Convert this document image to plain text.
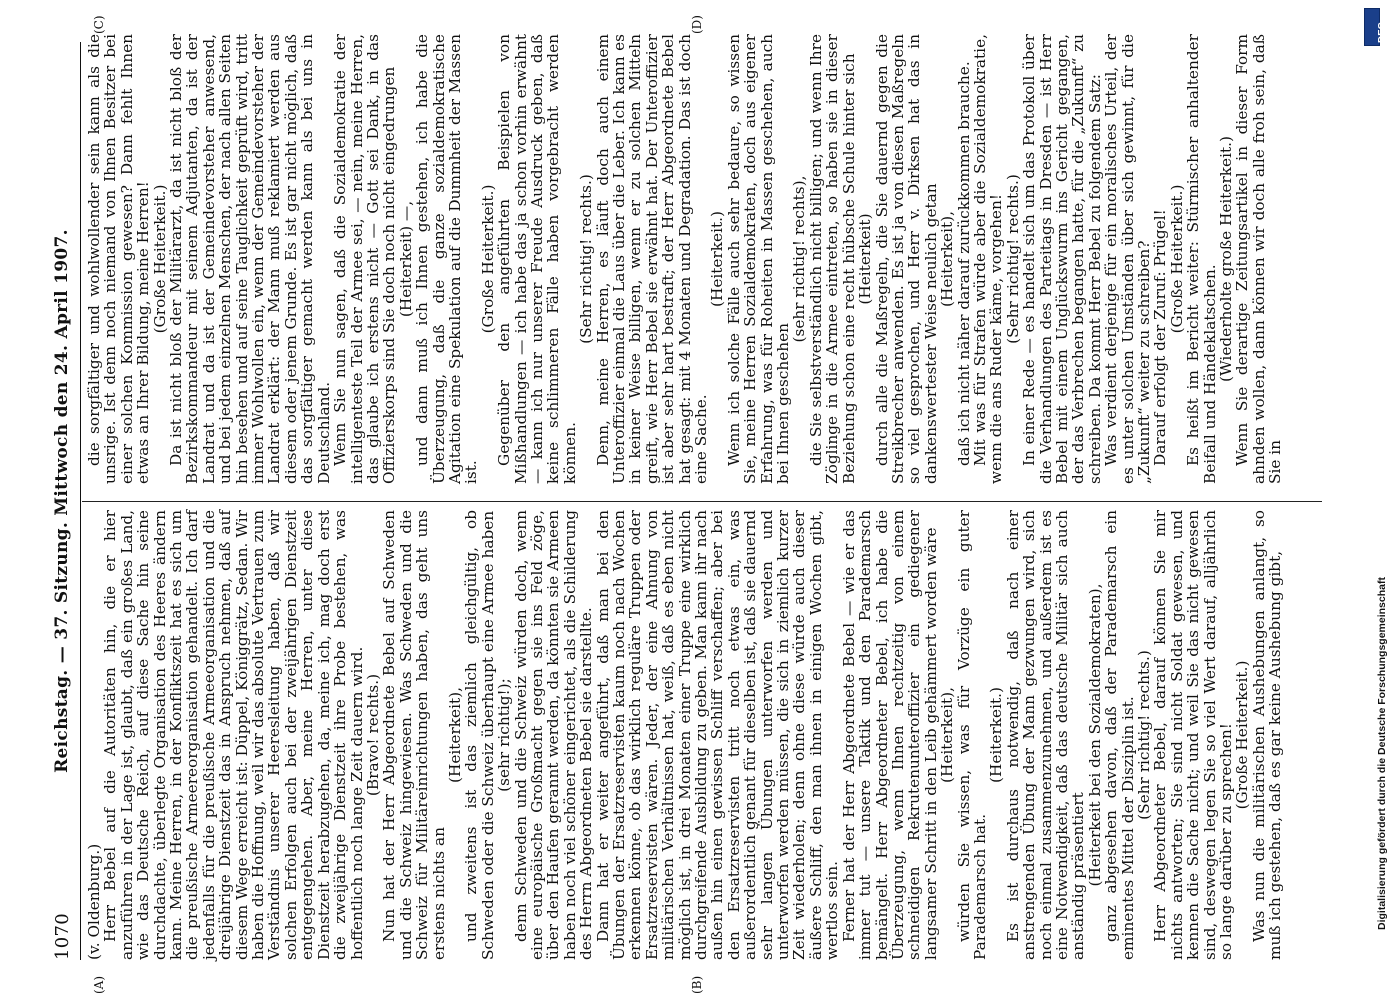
1070
Reichstag. — 37. Sitzung. Mittwoch den 24. April 1907.
(A)	(B)
(C)	(D)

(v. Oldenburg.)

Herr Bebel auf die Autoritäten hin, die er hier anzuführen in der Lage ist, glaubt, daß ein großes Land, wie das Deutsche Reich, auf diese Sache hin seine durchdachte, überlegte Organisation des Heeres ändern kann. Meine Herren, in der Konfliktszeit hat es sich um die preußische Armeereorganisation gehandelt. Ich darf jedenfalls für die preußische Armeeorganisation und die dreijährige Dienstzeit das in Anspruch nehmen, daß auf diesem Wege erreicht ist: Düppel, Königgrätz, Sedan. Wir haben die Hoffnung, weil wir das absolute Vertrauen zum Verständnis unserer Heeresleitung haben, daß wir solchen Erfolgen auch bei der zweijährigen Dienstzeit entgegengehen. Aber, meine Herren, unter diese Dienstzeit herabzugehen, da, meine ich, mag doch erst die zweijährige Dienstzeit ihre Probe bestehen, was hoffentlich noch lange Zeit dauern wird.

(Bravo! rechts.)

Nun hat der Herr Abgeordnete Bebel auf Schweden und die Schweiz hingewiesen. Was Schweden und die Schweiz für Militäreinrichtungen haben, das geht uns erstens nichts an

(Heiterkeit),

und zweitens ist das ziemlich gleichgültig, ob Schweden oder die Schweiz überhaupt eine Armee haben

(sehr richtig!);

denn Schweden und die Schweiz würden doch, wenn eine europäische Großmacht gegen sie ins Feld zöge, über den Haufen gerannt werden, da könnten sie Armeen haben noch viel schöner eingerichtet, als die Schilderung des Herrn Abgeordneten Bebel sie darstellte.

Dann hat er weiter angeführt, daß man bei den Übungen der Ersatzreservisten kaum noch nach Wochen erkennen könne, ob das wirklich reguläre Truppen oder Ersatzreservisten wären. Jeder, der eine Ahnung von militärischen Verhältnissen hat, weiß, daß es eben nicht möglich ist, in drei Monaten einer Truppe eine wirklich durchgreifende Ausbildung zu geben. Man kann ihr nach außen hin einen gewissen Schliff verschaffen; aber bei den Ersatzreservisten tritt noch etwas ein, was außerordentlich genant für dieselben ist, daß sie dauernd sehr langen Übungen unterworfen werden und unterworfen werden müssen, die sich in ziemlich kurzer Zeit wiederholen; denn ohne diese würde auch dieser äußere Schliff, den man ihnen in einigen Wochen gibt, wertlos sein.

Ferner hat der Herr Abgeordnete Bebel — wie er das immer tut — unsere Taktik und den Parademarsch bemängelt. Herr Abgeordneter Bebel, ich habe die Überzeugung, wenn Ihnen rechtzeitig von einem schneidigen Rekrutenunteroffizier ein gediegener langsamer Schritt in den Leib gehämmert worden wäre

(Heiterkeit),

würden Sie wissen, was für Vorzüge ein guter Parademarsch hat.

(Heiterkeit.)

Es ist durchaus notwendig, daß nach einer anstrengenden Übung der Mann gezwungen wird, sich noch einmal zusammenzunehmen, und außerdem ist es eine Notwendigkeit, daß das deutsche Militär sich auch anständig präsentiert

(Heiterkeit bei den Sozialdemokraten),

ganz abgesehen davon, daß der Parademarsch ein eminentes Mittel der Disziplin ist.

(Sehr richtig! rechts.)

Herr Abgeordneter Bebel, darauf können Sie mir nichts antworten; Sie sind nicht Soldat gewesen, und kennen die Sache nicht; und weil Sie das nicht gewesen sind, deswegen legen Sie so viel Wert darauf, alljährlich so lange darüber zu sprechen!

(Große Heiterkeit.)

Was nun die militärischen Aushebungen anlangt, so muß ich gestehen, daß es gar keine Aushebung gibt,

die sorgfältiger und wohlwollender sein kann als die unsrige. Ist denn noch niemand von Ihnen Besitzer bei einer solchen Kommission gewesen? Dann fehlt Ihnen etwas an Ihrer Bildung, meine Herren!

(Große Heiterkeit.)

Da ist nicht bloß der Militärarzt, da ist nicht bloß der Bezirkskommandeur mit seinem Adjutanten, da ist der Landrat und da ist der Gemeindevorsteher anwesend, und bei jedem einzelnen Menschen, der nach allen Seiten hin besehen und auf seine Tauglichkeit geprüft wird, tritt immer Wohlwollen ein, wenn der Gemeindevorsteher der Landrat erklärt: der Mann muß reklamiert werden aus diesem oder jenem Grunde. Es ist gar nicht möglich, daß das sorgfältiger gemacht werden kann als bei uns in Deutschland.

Wenn Sie nun sagen, daß die Sozialdemokratie der intelligenteste Teil der Armee sei, — nein, meine Herren, das glaube ich erstens nicht — Gott sei Dank, in das Offizierskorps sind Sie doch noch nicht eingedrungen

(Heiterkeit) —,

und dann muß ich Ihnen gestehen, ich habe die Überzeugung, daß die ganze sozialdemokratische Agitation eine Spekulation auf die Dummheit der Massen ist.

(Große Heiterkeit.)

Gegenüber den angeführten Beispielen von Mißhandlungen — ich habe das ja schon vorhin erwähnt — kann ich nur unserer Freude Ausdruck geben, daß keine schlimmeren Fälle haben vorgebracht werden können.

(Sehr richtig! rechts.)

Denn, meine Herren, es läuft doch auch einem Unteroffizier einmal die Laus über die Leber. Ich kann es in keiner Weise billigen, wenn er zu solchen Mitteln greift, wie Herr Bebel sie erwähnt hat. Der Unteroffizier ist aber sehr hart bestraft; der Herr Abgeordnete Bebel hat gesagt: mit 4 Monaten und Degradation. Das ist doch eine Sache.

(Heiterkeit.)

Wenn ich solche Fälle auch sehr bedaure, so wissen Sie, meine Herren Sozialdemokraten, doch aus eigener Erfahrung, was für Roheiten in Massen geschehen, auch bei Ihnen geschehen

(sehr richtig! rechts),

die Sie selbstverständlich nicht billigen; und wenn Ihre Zöglinge in die Armee eintreten, so haben sie in dieser Beziehung schon eine recht hübsche Schule hinter sich

(Heiterkeit)

durch alle die Maßregeln, die Sie dauernd gegen die Streikbrecher anwenden. Es ist ja von diesen Maßregeln so viel gesprochen, und Herr v. Dirksen hat das in dankenswertester Weise neulich getan

(Heiterkeit),

daß ich nicht näher darauf zurückkommen brauche.

Mit was für Strafen würde aber die Sozialdemokratie, wenn die ans Ruder käme, vorgehen!

(Sehr richtig! rechts.)

In einer Rede — es handelt sich um das Protokoll über die Verhandlungen des Parteitags in Dresden — ist Herr Bebel mit einem Unglückswurm ins Gericht gegangen, der das Verbrechen begangen hatte, für die „Zukunft“ zu schreiben. Da kommt Herr Bebel zu folgendem Satz:

Was verdient derjenige für ein moralisches Urteil, der es unter solchen Umständen über sich gewinnt, für die „Zukunft“ weiter zu schreiben?

Darauf erfolgt der Zuruf: Prügel!

(Große Heiterkeit.)

Es heißt im Bericht weiter: Stürmischer anhaltender Beifall und Händeklatschen.

(Wiederholte große Heiterkeit.)

Wenn Sie derartige Zeitungsartikel in dieser Form ahnden wollen, dann können wir doch alle froh sein, daß Sie in

DFG
Digitalisierung gefördert durch die Deutsche Forschungsgemeinschaft
